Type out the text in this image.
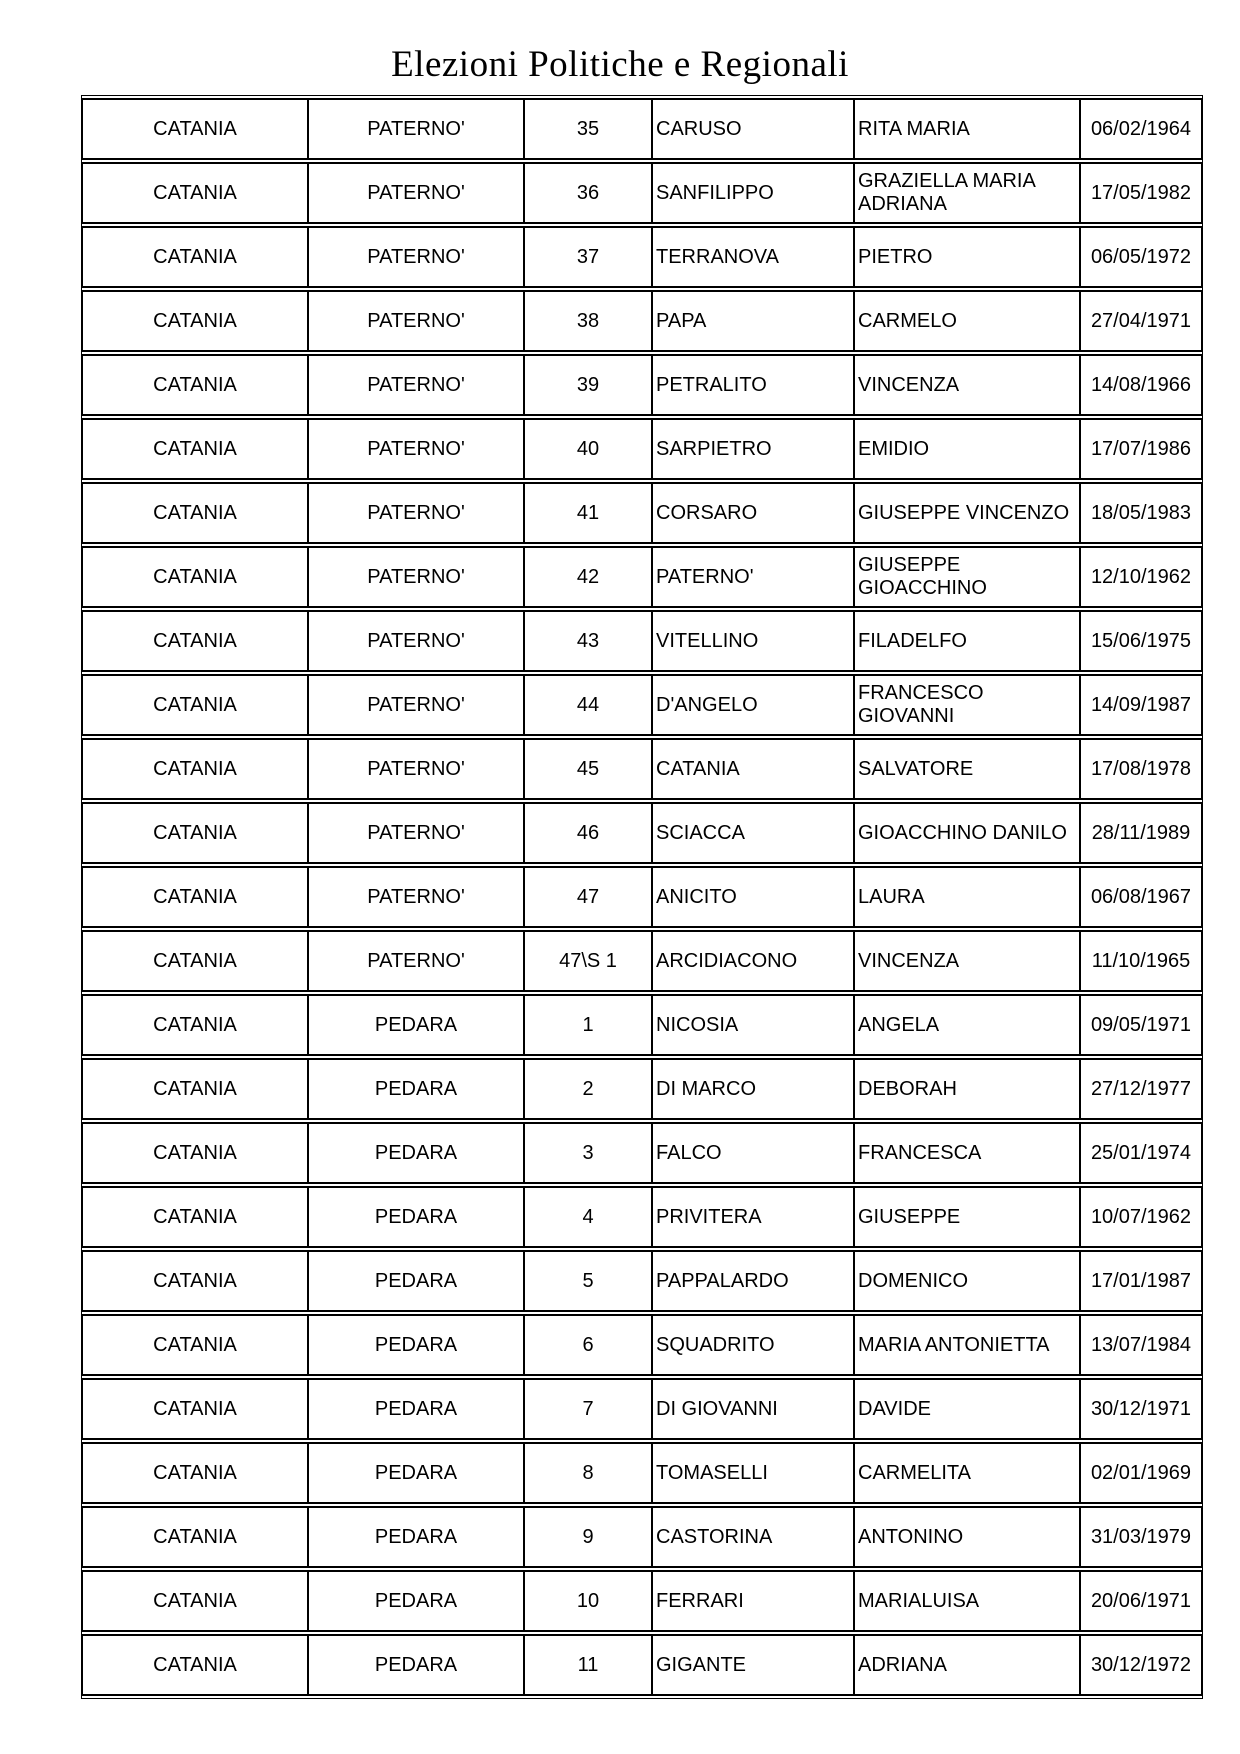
Elezioni Politiche e Regionali
CATANIA	PATERNO'	35	CARUSO	RITA MARIA	06/02/1964
CATANIA	PATERNO'	36	SANFILIPPO	GRAZIELLA MARIA ADRIANA	17/05/1982
CATANIA	PATERNO'	37	TERRANOVA	PIETRO	06/05/1972
CATANIA	PATERNO'	38	PAPA	CARMELO	27/04/1971
CATANIA	PATERNO'	39	PETRALITO	VINCENZA	14/08/1966
CATANIA	PATERNO'	40	SARPIETRO	EMIDIO	17/07/1986
CATANIA	PATERNO'	41	CORSARO	GIUSEPPE VINCENZO	18/05/1983
CATANIA	PATERNO'	42	PATERNO'	GIUSEPPE GIOACCHINO	12/10/1962
CATANIA	PATERNO'	43	VITELLINO	FILADELFO	15/06/1975
CATANIA	PATERNO'	44	D'ANGELO	FRANCESCO GIOVANNI	14/09/1987
CATANIA	PATERNO'	45	CATANIA	SALVATORE	17/08/1978
CATANIA	PATERNO'	46	SCIACCA	GIOACCHINO DANILO	28/11/1989
CATANIA	PATERNO'	47	ANICITO	LAURA	06/08/1967
CATANIA	PATERNO'	47\S 1	ARCIDIACONO	VINCENZA	11/10/1965
CATANIA	PEDARA	1	NICOSIA	ANGELA	09/05/1971
CATANIA	PEDARA	2	DI MARCO	DEBORAH	27/12/1977
CATANIA	PEDARA	3	FALCO	FRANCESCA	25/01/1974
CATANIA	PEDARA	4	PRIVITERA	GIUSEPPE	10/07/1962
CATANIA	PEDARA	5	PAPPALARDO	DOMENICO	17/01/1987
CATANIA	PEDARA	6	SQUADRITO	MARIA ANTONIETTA	13/07/1984
CATANIA	PEDARA	7	DI GIOVANNI	DAVIDE	30/12/1971
CATANIA	PEDARA	8	TOMASELLI	CARMELITA	02/01/1969
CATANIA	PEDARA	9	CASTORINA	ANTONINO	31/03/1979
CATANIA	PEDARA	10	FERRARI	MARIALUISA	20/06/1971
CATANIA	PEDARA	11	GIGANTE	ADRIANA	30/12/1972
